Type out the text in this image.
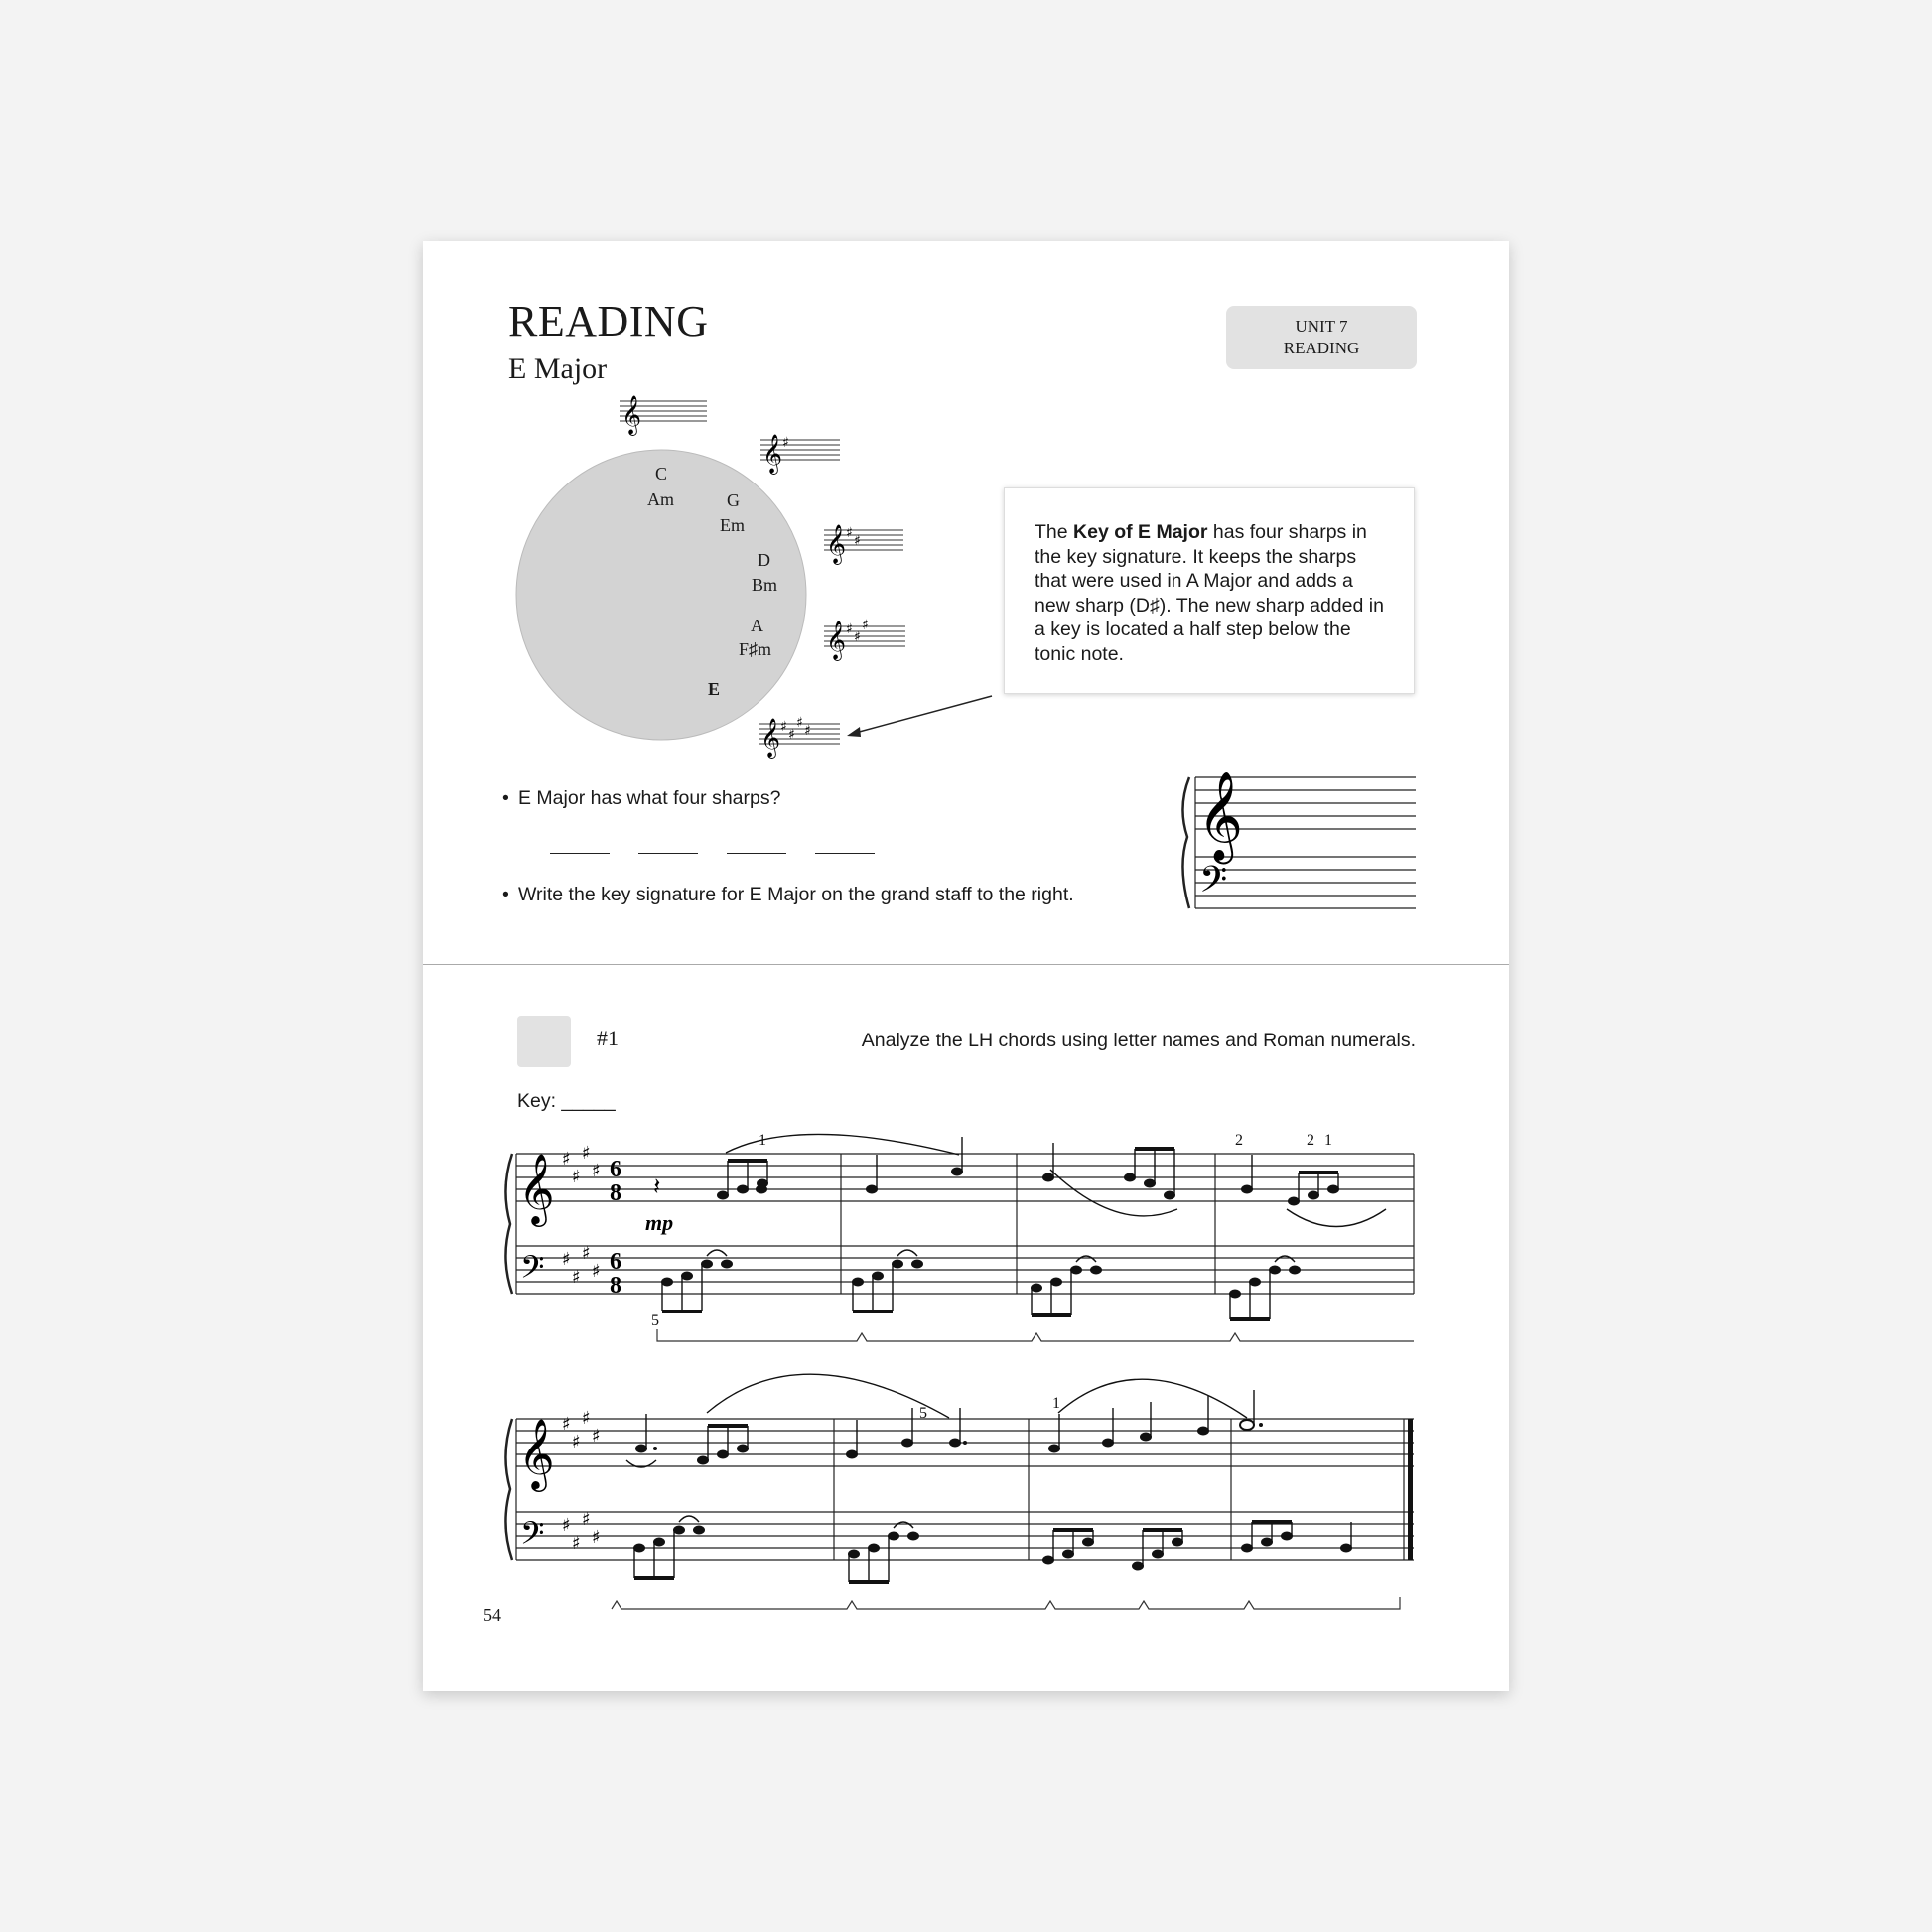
READING
E Major
UNIT 7
READING
𝄞
𝄞 ♯
𝄞 ♯ ♯
𝄞 ♯ ♯
♯
𝄞 ♯ ♯
♯ ♯
𝄞
𝄢
C
Am	G
Em
D
Bm
A
F♯m
E
The Key of E Major has four sharps in the key signature. It keeps the sharps that were used in A Major and adds a new sharp (D♯). The new sharp added in a key is located a half step below the tonic note.
• E Major has what four sharps?
• Write the key signature for E Major on the grand staff to the right.
#1	Analyze the LH chords using letter names and Roman numerals.
Key: _____
𝄞
𝄢
♯
♯
♯
♯
♯
♯
♯
♯
6
8
6
8
mp
𝄽
1	2	2 1
5
𝄞
𝄢
♯
♯
♯
♯
♯
♯
♯
♯
5
1
54
